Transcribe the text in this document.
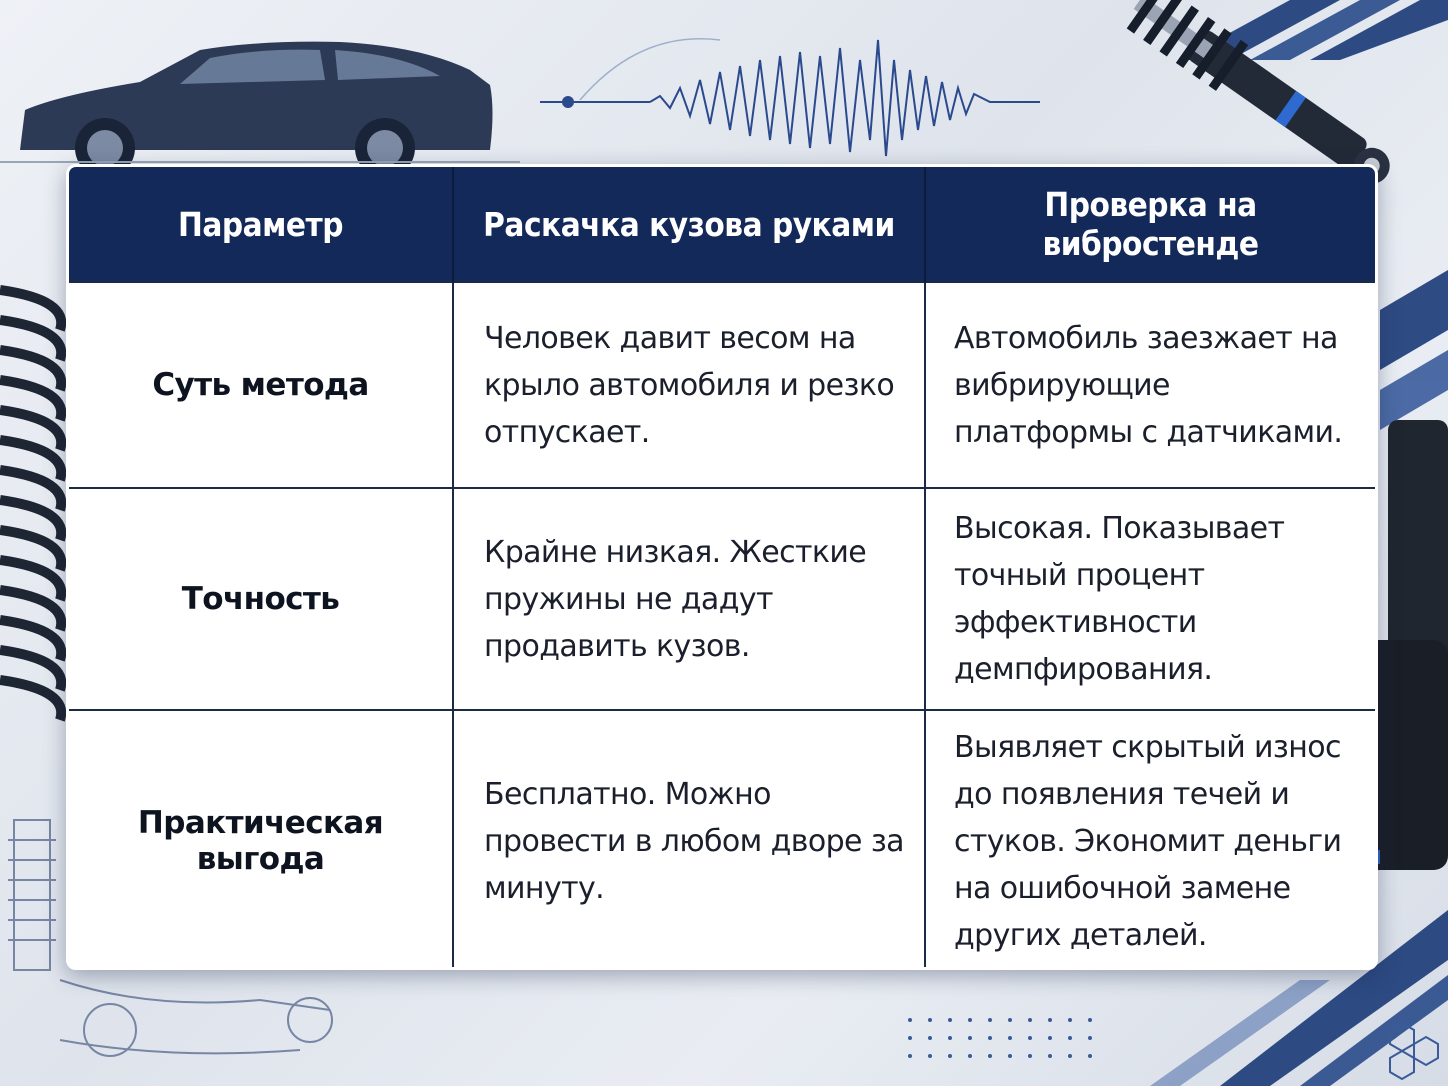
Параметр	Раскачка кузова руками	Проверка на вибростенде
Суть метода	Человек давит весом на крыло автомобиля и резко отпускает.	Автомобиль заезжает на вибрирующие платформы с датчиками.
Точность	Крайне низкая. Жесткие пружины не дадут продавить кузов.	Высокая. Показывает точный процент эффективности демпфирования.
Практическая выгода	Бесплатно. Можно провести в любом дворе за минуту.	Выявляет скрытый износ до появления течей и стуков. Экономит деньги на ошибочной замене других деталей.
